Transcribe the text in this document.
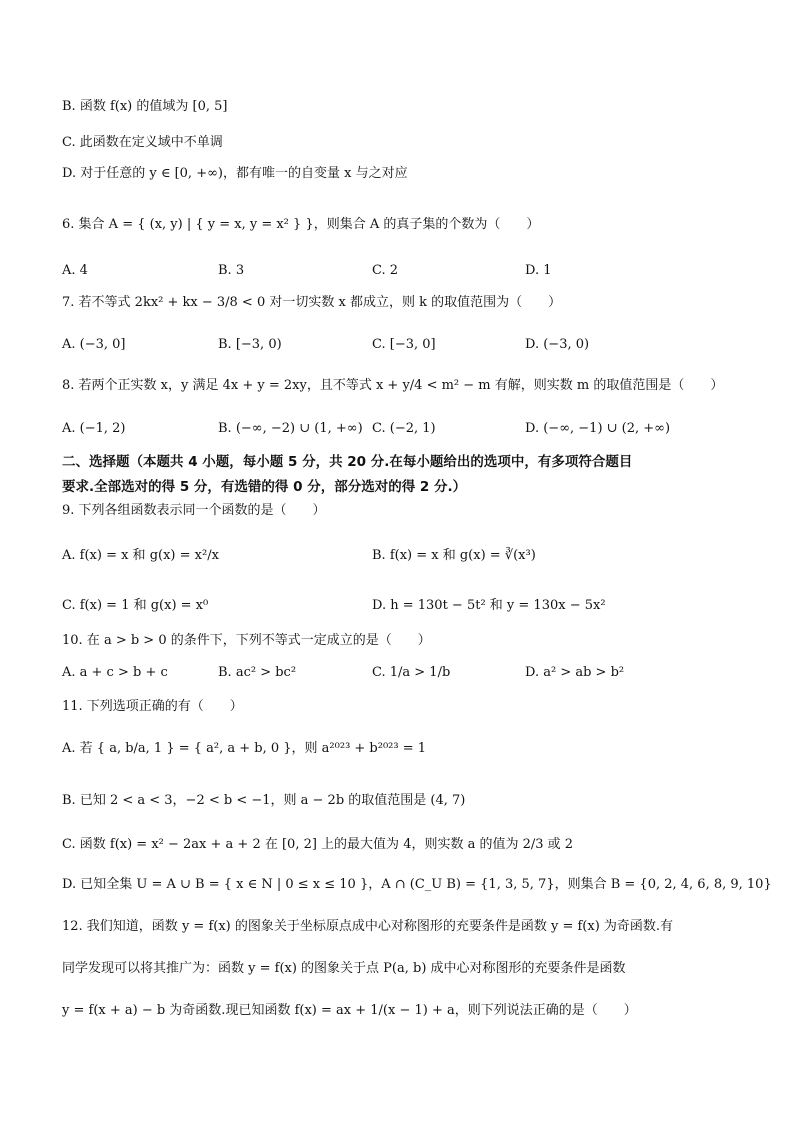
B. 函数 f(x) 的值域为 [0, 5]
C. 此函数在定义域中不单调
D. 对于任意的 y ∈ [0, +∞)，都有唯一的自变量 x 与之对应
6. 集合 A = { (x, y) | { y = x, y = x² } }，则集合 A 的真子集的个数为（　　）
7. 若不等式 2kx² + kx − 3/8 < 0 对一切实数 x 都成立，则 k 的取值范围为（　　）
8. 若两个正实数 x，y 满足 4x + y = 2xy，且不等式 x + y/4 < m² − m 有解，则实数 m 的取值范围是（　　）
二、选择题（本题共 4 小题，每小题 5 分，共 20 分.在每小题给出的选项中，有多项符合题目
要求.全部选对的得 5 分，有选错的得 0 分，部分选对的得 2 分.）
9. 下列各组函数表示同一个函数的是（　　）
10. 在 a > b > 0 的条件下，下列不等式一定成立的是（　　）
11. 下列选项正确的有（　　）
A. 若 { a, b/a, 1 } = { a², a + b, 0 }，则 a²⁰²³ + b²⁰²³ = 1
B. 已知 2 < a < 3，−2 < b < −1，则 a − 2b 的取值范围是 (4, 7)
C. 函数 f(x) = x² − 2ax + a + 2 在 [0, 2] 上的最大值为 4，则实数 a 的值为 2/3 或 2
D. 已知全集 U = A ∪ B = { x ∈ N | 0 ≤ x ≤ 10 }，A ∩ (C_U B) = {1, 3, 5, 7}，则集合 B = {0, 2, 4, 6, 8, 9, 10}
12. 我们知道，函数 y = f(x) 的图象关于坐标原点成中心对称图形的充要条件是函数 y = f(x) 为奇函数.有
同学发现可以将其推广为：函数 y = f(x) 的图象关于点 P(a, b) 成中心对称图形的充要条件是函数
y = f(x + a) − b 为奇函数.现已知函数 f(x) = ax + 1/(x − 1) + a，则下列说法正确的是（　　）
A. 4	B. 3	C. 2	D. 1
A. (−3, 0]	B. [−3, 0)	C. [−3, 0]	D. (−3, 0)
A. (−1, 2)	B. (−∞, −2) ∪ (1, +∞) C. (−2, 1)	D. (−∞, −1) ∪ (2, +∞)
A. f(x) = x 和 g(x) = x²/x	B. f(x) = x 和 g(x) = ∛(x³)
C. f(x) = 1 和 g(x) = x⁰	D. h = 130t − 5t² 和 y = 130x − 5x²
A. a + c > b + c	B. ac² > bc²	C. 1/a > 1/b	D. a² > ab > b²
